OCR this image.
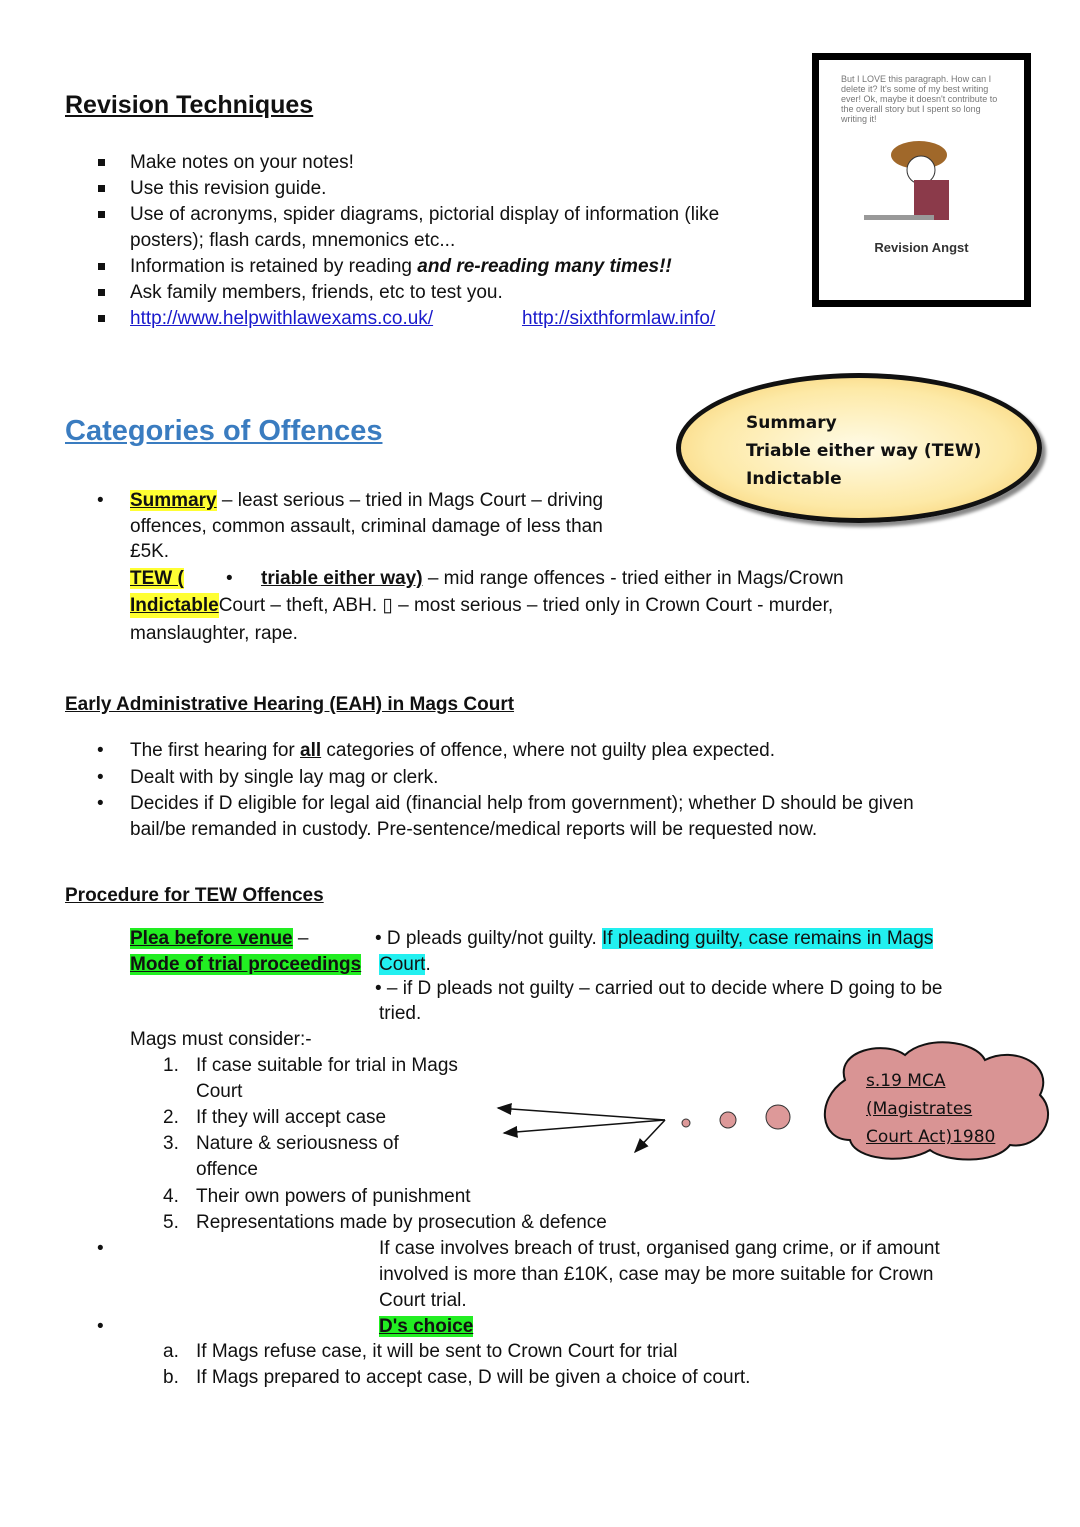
Revision Techniques
Make notes on your notes!
Use this revision guide.
Use of acronyms, spider diagrams, pictorial display of information (like
posters); flash cards, mnemonics etc...
Information is retained by reading and re-reading many times!!
Ask family members, friends, etc to test you.
http://www.helpwithlawexams.co.uk/	http://sixthformlaw.info/
But I LOVE this paragraph. How can I delete it? It's some of my best writing ever! Ok, maybe it doesn't contribute to the overall story but I spent so long writing it!
Revision Angst
Categories of Offences	Summary
Triable either way (TEW)
Indictable
• Summary – least serious – tried in Mags Court – driving
offences, common assault, criminal damage of less than
£5K.
TEW ( • triable either way) – mid range offences - tried either in Mags/Crown
IndictableCourt – theft, ABH. ▯ – most serious – tried only in Crown Court - murder,
manslaughter, rape.
Early Administrative Hearing (EAH) in Mags Court
• The first hearing for all categories of offence, where not guilty plea expected.
• Dealt with by single lay mag or clerk.
• Decides if D eligible for legal aid (financial help from government); whether D should be given
bail/be remanded in custody. Pre-sentence/medical reports will be requested now.
Procedure for TEW Offences
Plea before venue –
Mode of trial proceedings
• D pleads guilty/not guilty. If pleading guilty, case remains in Mags
Court.
• – if D pleads not guilty – carried out to decide where D going to be
tried.
Mags must consider:-
1. If case suitable for trial in Mags
Court
2. If they will accept case
3. Nature & seriousness of
offence
4. Their own powers of punishment
5. Representations made by prosecution & defence
s.19 MCA
(Magistrates
Court Act)1980
•	If case involves breach of trust, organised gang crime, or if amount
involved is more than £10K, case may be more suitable for Crown
Court trial.
•	D's choice
a. If Mags refuse case, it will be sent to Crown Court for trial
b. If Mags prepared to accept case, D will be given a choice of court.
